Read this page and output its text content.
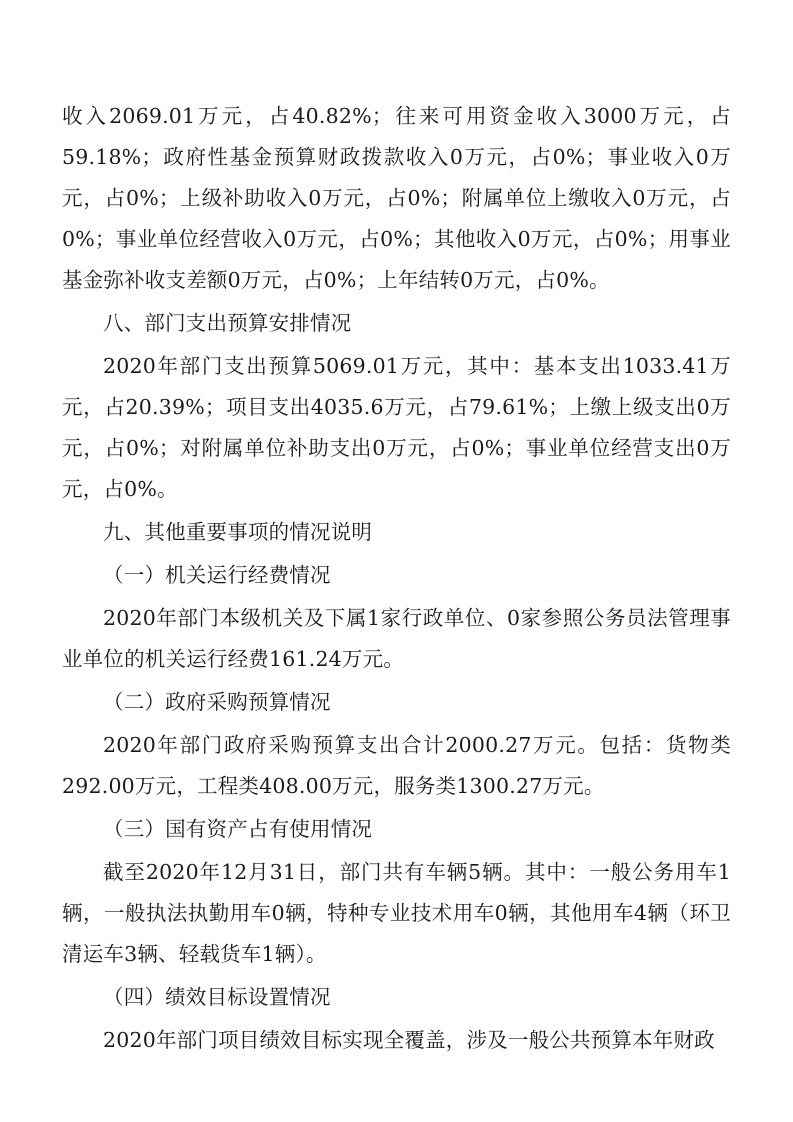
收入2069.01万元，占40.82%；往来可用资金收入3000万元，占59.18%；政府性基金预算财政拨款收入0万元，占0%；事业收入0万元，占0%；上级补助收入0万元，占0%；附属单位上缴收入0万元，占0%；事业单位经营收入0万元，占0%；其他收入0万元，占0%；用事业基金弥补收支差额0万元，占0%；上年结转0万元，占0%。

八、部门支出预算安排情况

2020年部门支出预算5069.01万元，其中：基本支出1033.41万元，占20.39%；项目支出4035.6万元，占79.61%；上缴上级支出0万元，占0%；对附属单位补助支出0万元，占0%；事业单位经营支出0万元，占0%。

九、其他重要事项的情况说明

（一）机关运行经费情况

2020年部门本级机关及下属1家行政单位、0家参照公务员法管理事业单位的机关运行经费161.24万元。

（二）政府采购预算情况

2020年部门政府采购预算支出合计2000.27万元。包括：货物类292.00万元，工程类408.00万元，服务类1300.27万元。

（三）国有资产占有使用情况

截至2020年12月31日，部门共有车辆5辆。其中：一般公务用车1辆，一般执法执勤用车0辆，特种专业技术用车0辆，其他用车4辆（环卫清运车3辆、轻载货车1辆）。

（四）绩效目标设置情况

2020年部门项目绩效目标实现全覆盖，涉及一般公共预算本年财政
